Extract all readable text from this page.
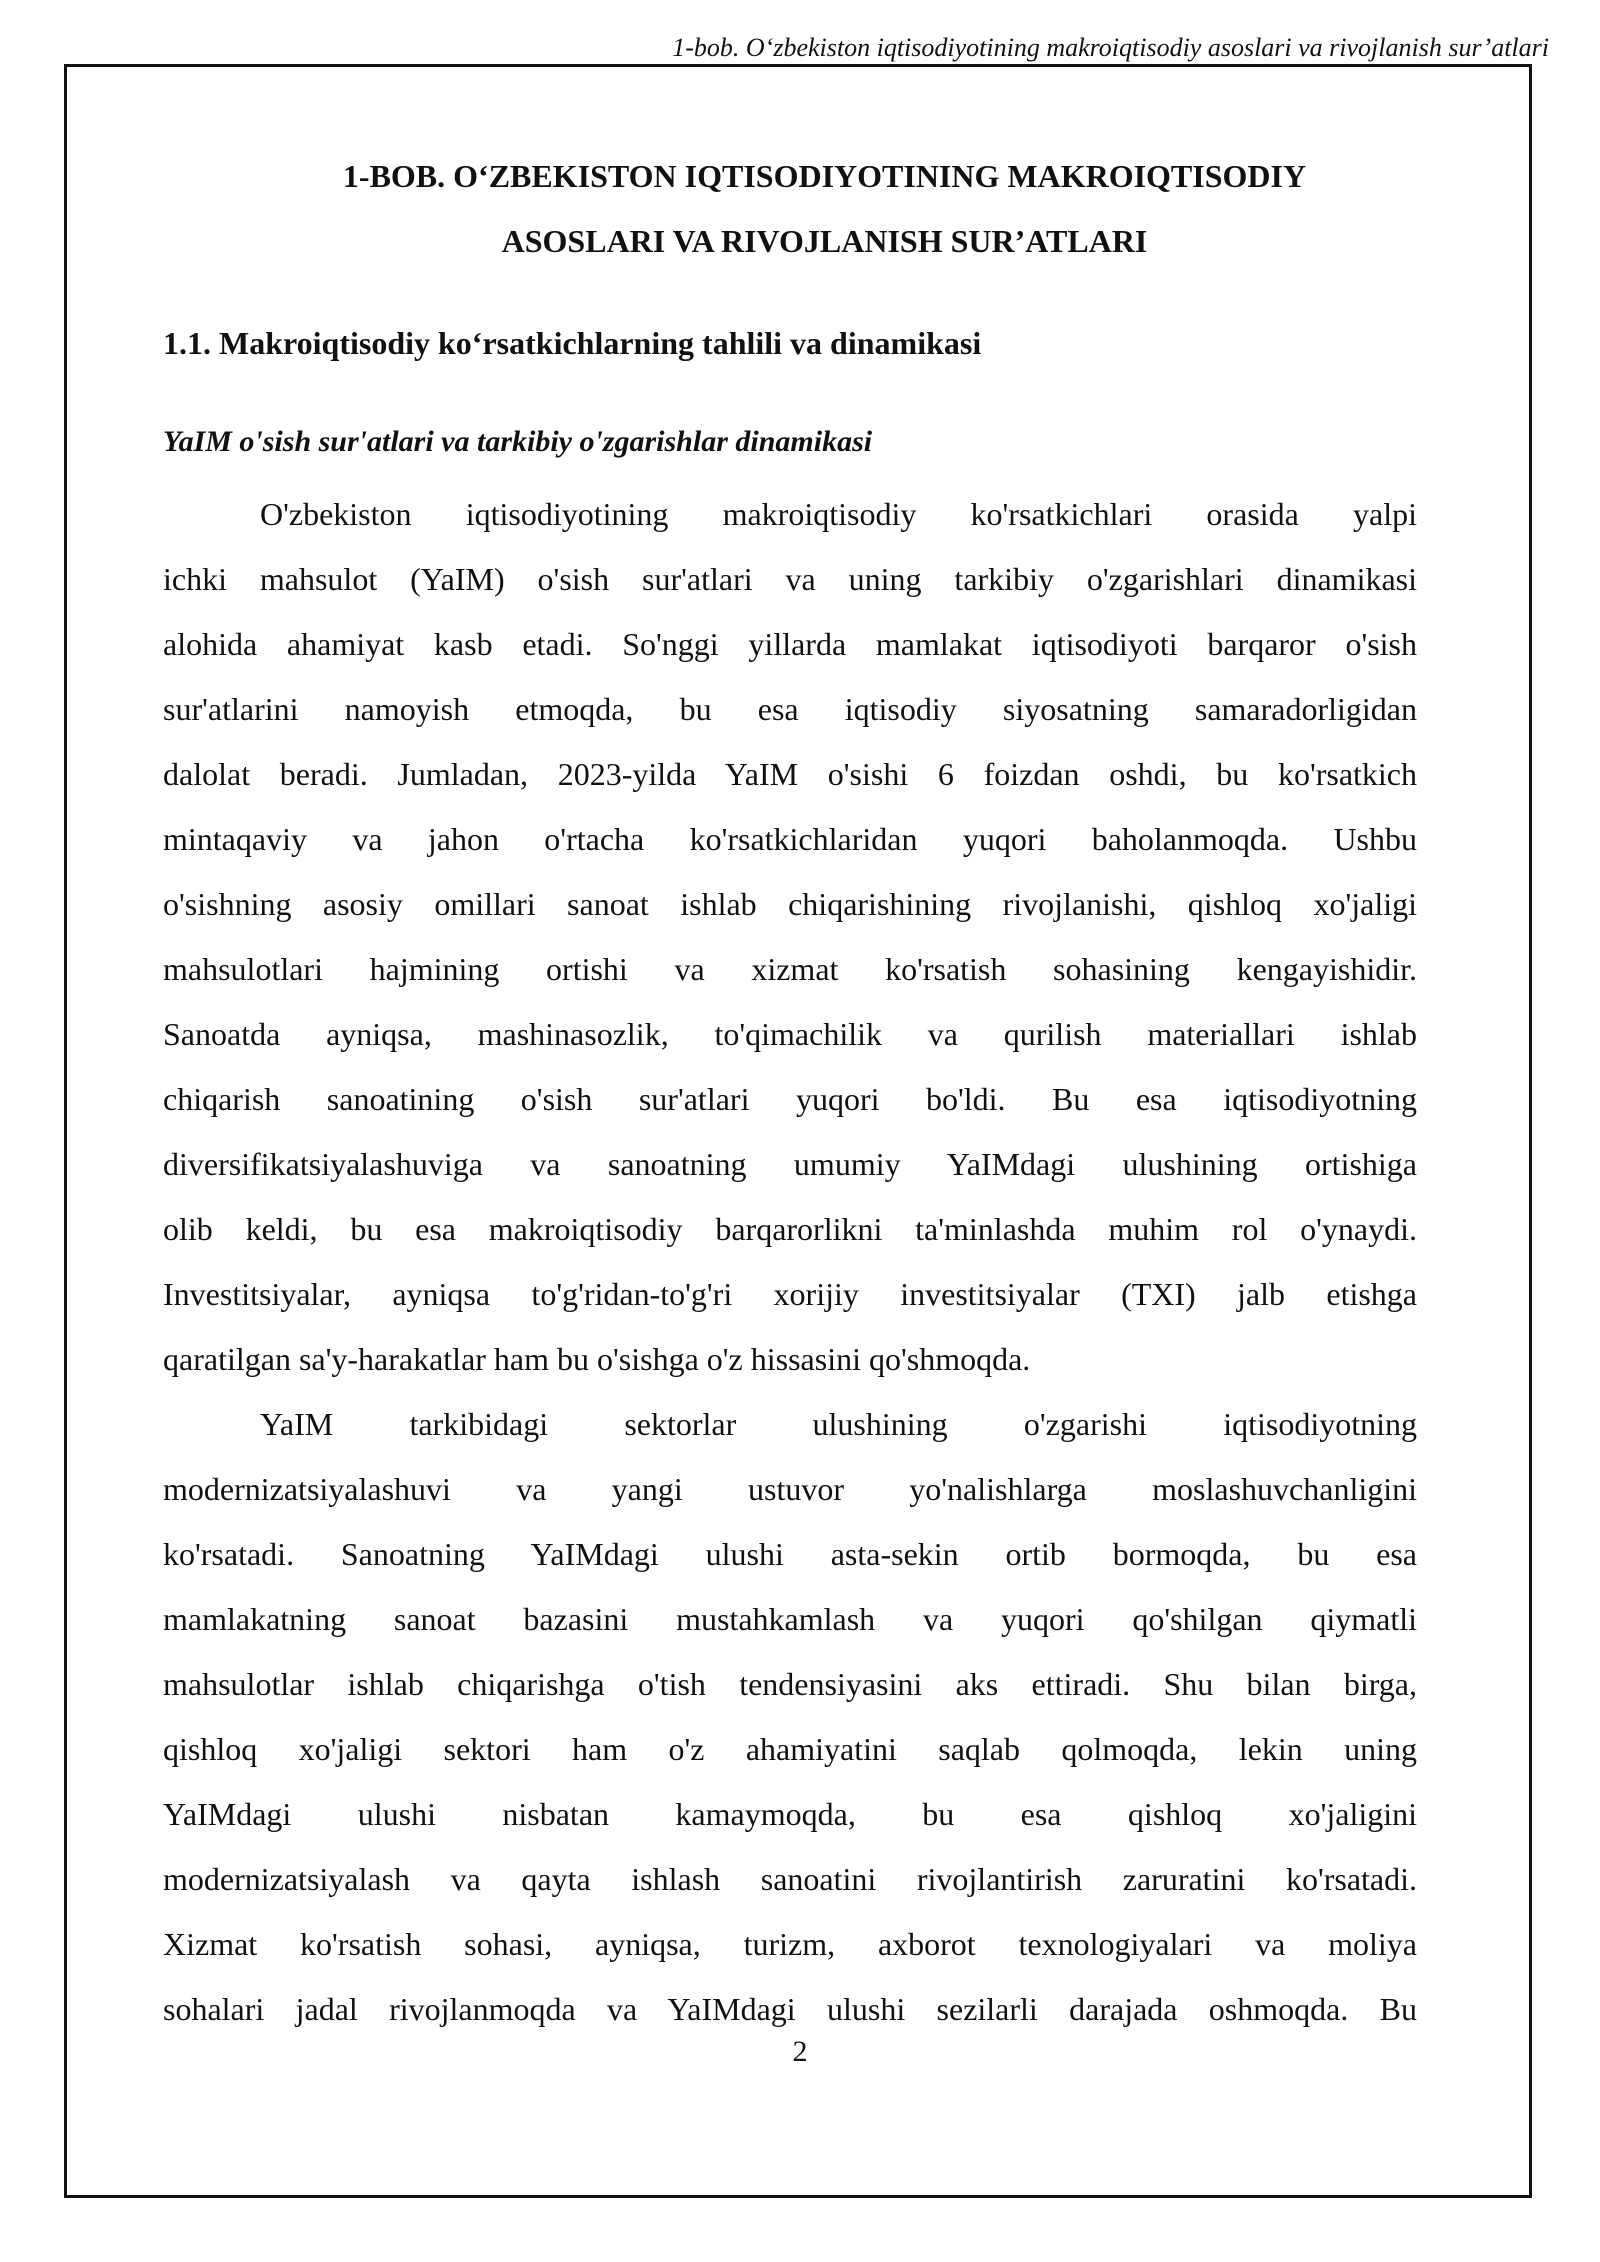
1-bob. O‘zbekiston iqtisodiyotining makroiqtisodiy asoslari va rivojlanish sur’atlari
1-BOB. O‘ZBEKISTON IQTISODIYOTINING MAKROIQTISODIY
ASOSLARI VA RIVOJLANISH SUR’ATLARI
1.1. Makroiqtisodiy ko‘rsatkichlarning tahlili va dinamikasi
YaIM o'sish sur'atlari va tarkibiy o'zgarishlar dinamikasi
O'zbekiston iqtisodiyotining makroiqtisodiy ko'rsatkichlari orasida yalpi
ichki mahsulot (YaIM) o'sish sur'atlari va uning tarkibiy o'zgarishlari dinamikasi
alohida ahamiyat kasb etadi. So'nggi yillarda mamlakat iqtisodiyoti barqaror o'sish
sur'atlarini namoyish etmoqda, bu esa iqtisodiy siyosatning samaradorligidan
dalolat beradi. Jumladan, 2023-yilda YaIM o'sishi 6 foizdan oshdi, bu ko'rsatkich
mintaqaviy va jahon o'rtacha ko'rsatkichlaridan yuqori baholanmoqda. Ushbu
o'sishning asosiy omillari sanoat ishlab chiqarishining rivojlanishi, qishloq xo'jaligi
mahsulotlari hajmining ortishi va xizmat ko'rsatish sohasining kengayishidir.
Sanoatda ayniqsa, mashinasozlik, to'qimachilik va qurilish materiallari ishlab
chiqarish sanoatining o'sish sur'atlari yuqori bo'ldi. Bu esa iqtisodiyotning
diversifikatsiyalashuviga va sanoatning umumiy YaIMdagi ulushining ortishiga
olib keldi, bu esa makroiqtisodiy barqarorlikni ta'minlashda muhim rol o'ynaydi.
Investitsiyalar, ayniqsa to'g'ridan-to'g'ri xorijiy investitsiyalar (TXI) jalb etishga
qaratilgan sa'y-harakatlar ham bu o'sishga o'z hissasini qo'shmoqda.
YaIM tarkibidagi sektorlar ulushining o'zgarishi iqtisodiyotning
modernizatsiyalashuvi va yangi ustuvor yo'nalishlarga moslashuvchanligini
ko'rsatadi. Sanoatning YaIMdagi ulushi asta-sekin ortib bormoqda, bu esa
mamlakatning sanoat bazasini mustahkamlash va yuqori qo'shilgan qiymatli
mahsulotlar ishlab chiqarishga o'tish tendensiyasini aks ettiradi. Shu bilan birga,
qishloq xo'jaligi sektori ham o'z ahamiyatini saqlab qolmoqda, lekin uning
YaIMdagi ulushi nisbatan kamaymoqda, bu esa qishloq xo'jaligini
modernizatsiyalash va qayta ishlash sanoatini rivojlantirish zaruratini ko'rsatadi.
Xizmat ko'rsatish sohasi, ayniqsa, turizm, axborot texnologiyalari va moliya
sohalari jadal rivojlanmoqda va YaIMdagi ulushi sezilarli darajada oshmoqda. Bu
2
